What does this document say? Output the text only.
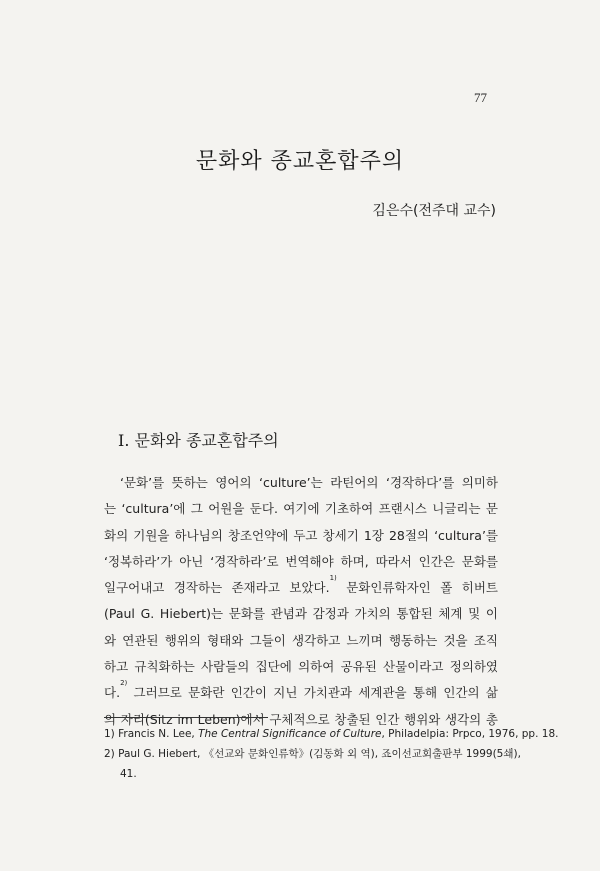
77
문화와 종교혼합주의
김은수(전주대 교수)
I. 문화와 종교혼합주의
‘문화’를 뜻하는 영어의 ‘culture’는 라틴어의 ‘경작하다’를 의미하
는 ‘cultura’에 그 어원을 둔다. 여기에 기초하여 프랜시스 니글리는 문
화의 기원을 하나님의 창조언약에 두고 창세기 1장 28절의 ‘cultura’를
‘정복하라’가 아닌 ‘경작하라’로 번역해야 하며, 따라서 인간은 문화를
일구어내고 경작하는 존재라고 보았다.$^{1)}$ 문화인류학자인 폴 히버트
(Paul G. Hiebert)는 문화를 관념과 감정과 가치의 통합된 체계 및 이
와 연관된 행위의 형태와 그들이 생각하고 느끼며 행동하는 것을 조직
하고 규칙화하는 사람들의 집단에 의하여 공유된 산물이라고 정의하였
다.$^{2)}$ 그러므로 문화란 인간이 지닌 가치관과 세계관을 통해 인간의 삶
의 자리(Sitz im Leben)에서 구체적으로 창출된 인간 행위와 생각의 총
1) Francis N. Lee, The Central Significance of Culture, Philadelpia: Prpco, 1976, pp. 18.
2) Paul G. Hiebert, 《선교와 문화인류학》(김동화 외 역), 죠이선교회출판부 1999(5쇄),
41.
